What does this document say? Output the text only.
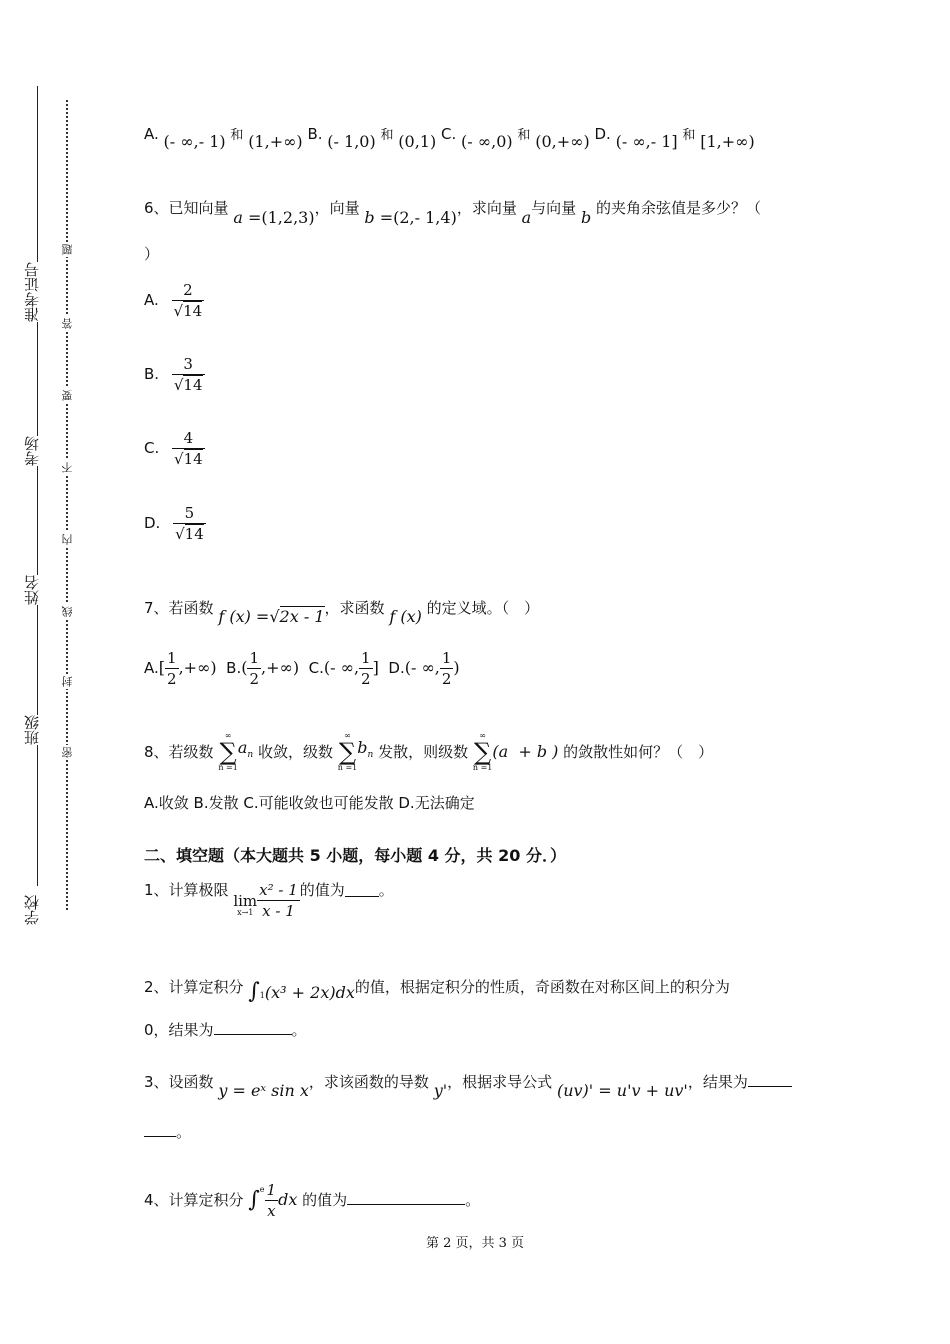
学校
班级
姓名
考场
准考证号
题
答
要
不
内
线
封
密
A. (- ∞,- 1) 和 (1,+∞) B. (- 1,0) 和 (0,1) C. (- ∞,0) 和 (0,+∞) D. (- ∞,- 1] 和 [1,+∞)
6、已知向量 a =(1,2,3)，向量 b =(2,- 1,4)，求向量 a与向量 b 的夹角余弦值是多少？（
）
A. $\frac{2}{√14}$
B. $\frac{3}{√14}$
C. $\frac{4}{√14}$
D. $\frac{5}{√14}$
7、若函数 f (x) =√2x - 1，求函数 f (x) 的定义域。（　）
$A.[ \frac{1}{2}$ ,+∞) $B.( \frac{1}{2}$ ,+∞) C.(- ∞, $\frac{1}{2}$ ] D.(- ∞, $\frac{1}{2}$ )
8、若级数
∞
∑
n =1
$a_n$ 收敛，级数
∞
∑
n =1
$b_n$ 发散，则级数
∞
∑
n =1
(a  + b ) 的敛散性如何？（　）
A.收敛 B.发散 C.可能收敛也可能发散 D.无法确定
二、填空题（本大题共 5 小题，每小题 4 分，共 20 分．）
1、计算极限
lim
$x\to 1 \frac{\text{x² - 1}}{x - 1}$ 的值为 。
2、计算定积分 ∫1(x³ + 2x)dx的值，根据定积分的性质，奇函数在对称区间上的积分为
0，结果为	。
3、设函数 y = eˣ sin x，求该函数的导数 y'，根据求导公式 (uv)' = u'v + uv'，结果为
。
4、计算定积分 $\int^e \frac{1}{x}$ dx 的值为	。
第 2 页，共 3 页
